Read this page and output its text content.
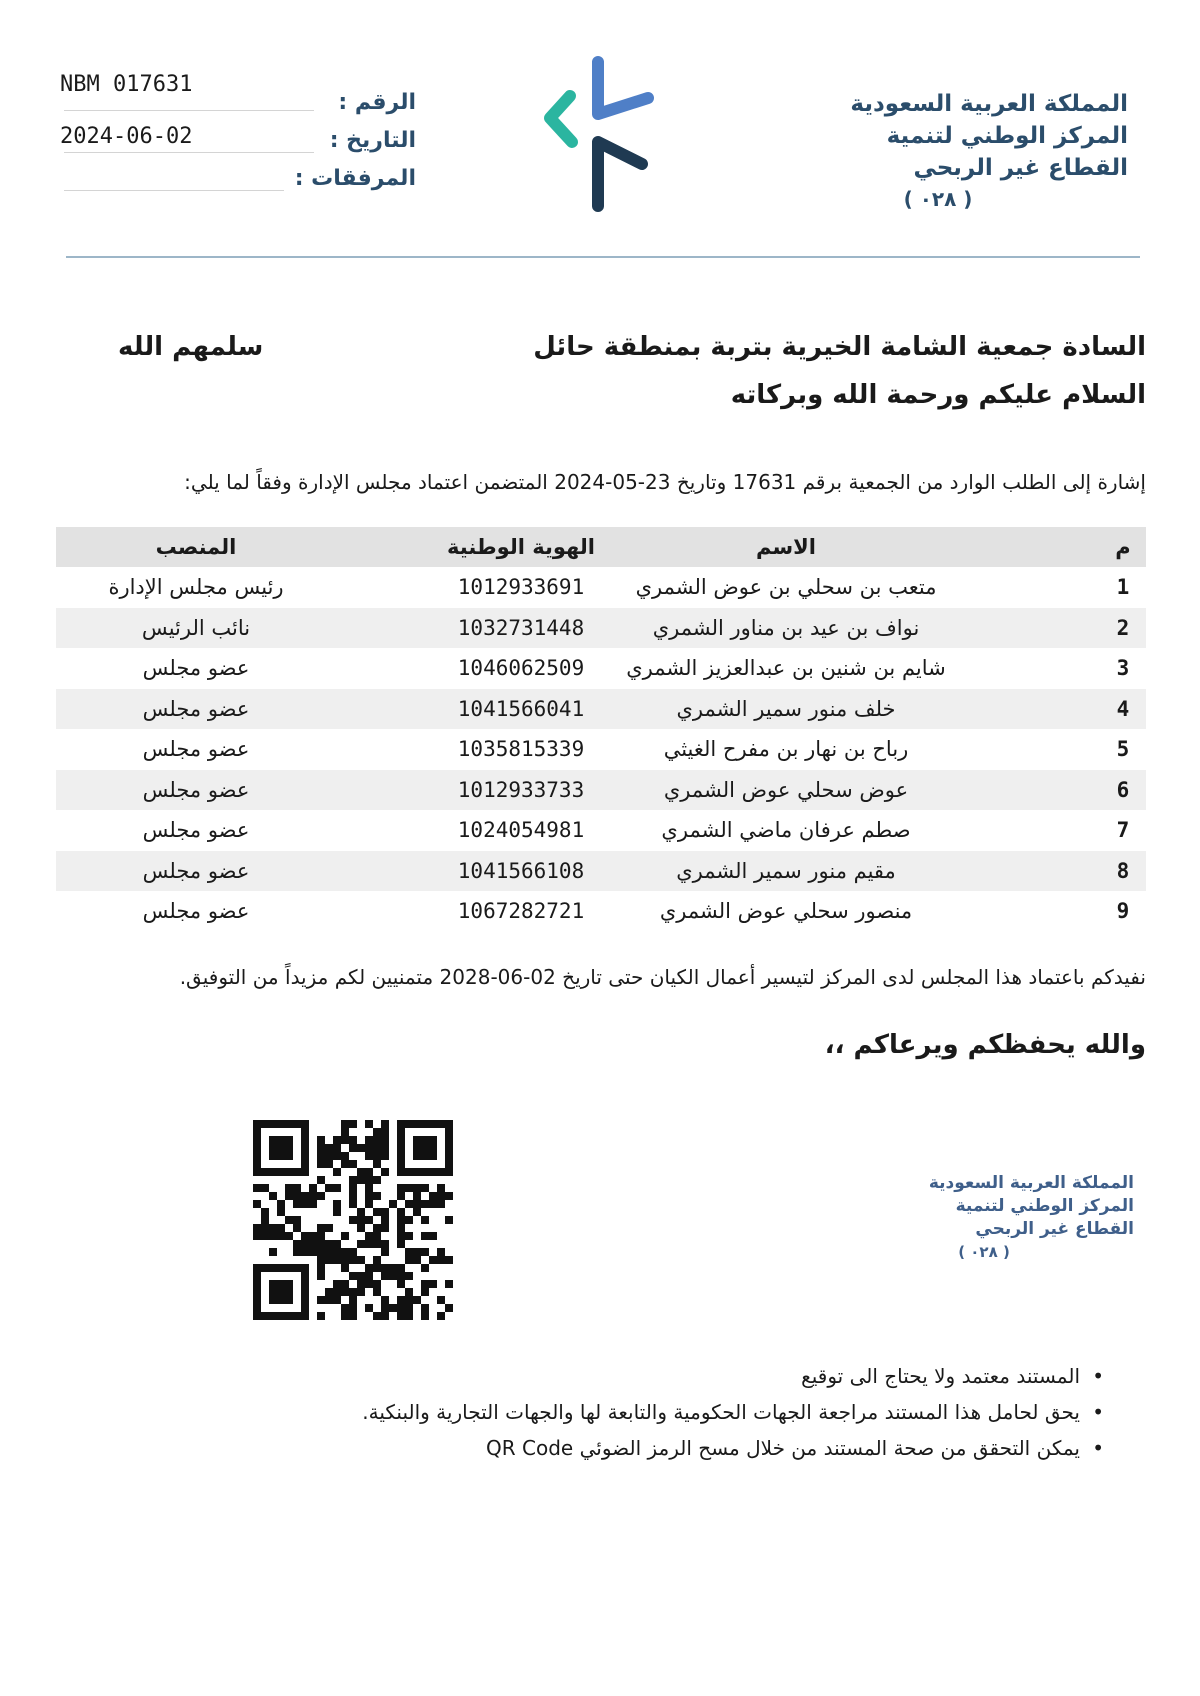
NBM 017631
الرقم :
2024-06-02	التاريخ :
المرفقات :
المملكة العربية السعودية
المركز الوطني لتنمية
القطاع غير الربحي
( ٠٢٨ )
السادة جمعية الشامة الخيرية بتربة بمنطقة حائل
سلمهم الله
السلام عليكم ورحمة الله وبركاته
إشارة إلى الطلب الوارد من الجمعية برقم 17631 وتاريخ 23-05-2024 المتضمن اعتماد مجلس الإدارة وفقاً لما يلي:
م
الاسم
الهوية الوطنية
المنصب
1
متعب بن سحلي بن عوض الشمري
1012933691
رئيس مجلس الإدارة
2
نواف بن عيد بن مناور الشمري
1032731448
نائب الرئيس
3
شايم بن شنين بن عبدالعزيز الشمري
1046062509
عضو مجلس
4
خلف منور سمير الشمري
1041566041
عضو مجلس
5
رباح بن نهار بن مفرح الغيثي
1035815339
عضو مجلس
6
عوض سحلي عوض الشمري
1012933733
عضو مجلس
7
صطم عرفان ماضي الشمري
1024054981
عضو مجلس
8
مقيم منور سمير الشمري
1041566108
عضو مجلس
9
منصور سحلي عوض الشمري
1067282721
عضو مجلس
نفيدكم باعتماد هذا المجلس لدى المركز لتيسير أعمال الكيان حتى تاريخ 02-06-2028 متمنيين لكم مزيداً من التوفيق.
والله يحفظكم ويرعاكم ،،
المملكة العربية السعودية
المركز الوطني لتنمية
القطاع غير الربحي
( ٠٢٨ )
• المستند معتمد ولا يحتاج الى توقيع
• يحق لحامل هذا المستند مراجعة الجهات الحكومية والتابعة لها والجهات التجارية والبنكية.
• يمكن التحقق من صحة المستند من خلال مسح الرمز الضوئي QR Code
